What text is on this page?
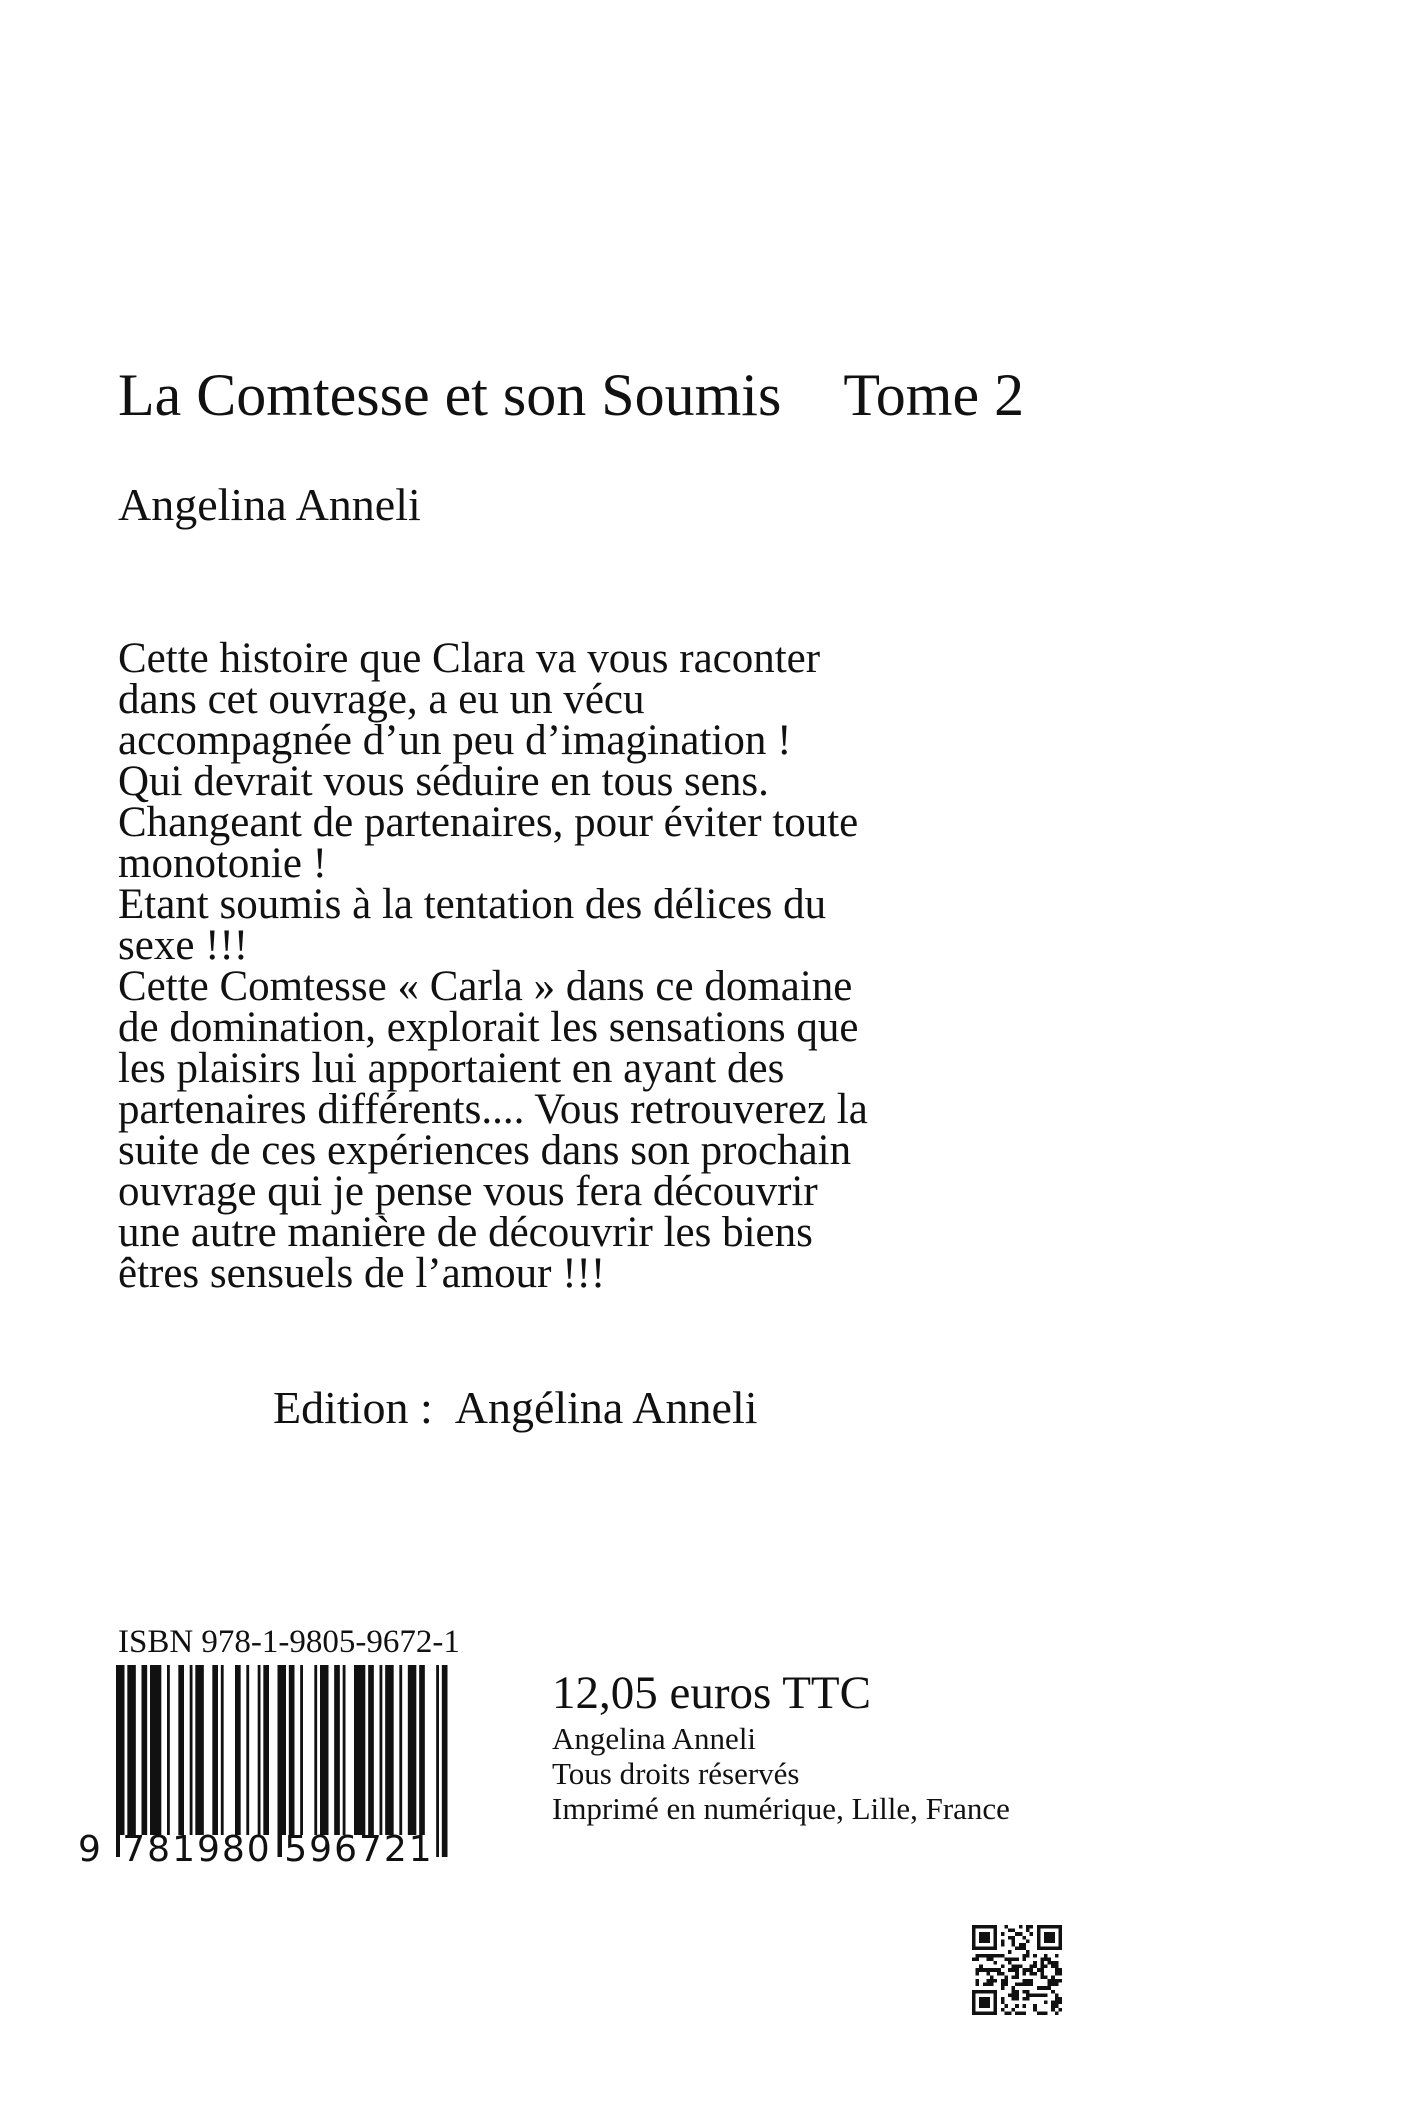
La Comtesse et son Soumis Tome 2
Angelina Anneli

Cette histoire que Clara va vous raconter
dans cet ouvrage, a eu un vécu
accompagnée d’un peu d’imagination !
Qui devrait vous séduire en tous sens.
Changeant de partenaires, pour éviter toute
monotonie !
Etant soumis à la tentation des délices du
sexe !!!
Cette Comtesse « Carla » dans ce domaine
de domination, explorait les sensations que
les plaisirs lui apportaient en ayant des
partenaires différents.... Vous retrouverez la
suite de ces expériences dans son prochain
ouvrage qui je pense vous fera découvrir
une autre manière de découvrir les biens
êtres sensuels de l’amour !!!

Edition : Angélina Anneli
ISBN 978-1-9805-9672-1
9 781980 596721
12,05 euros TTC
Angelina Anneli
Tous droits réservés
Imprimé en numérique, Lille, France
